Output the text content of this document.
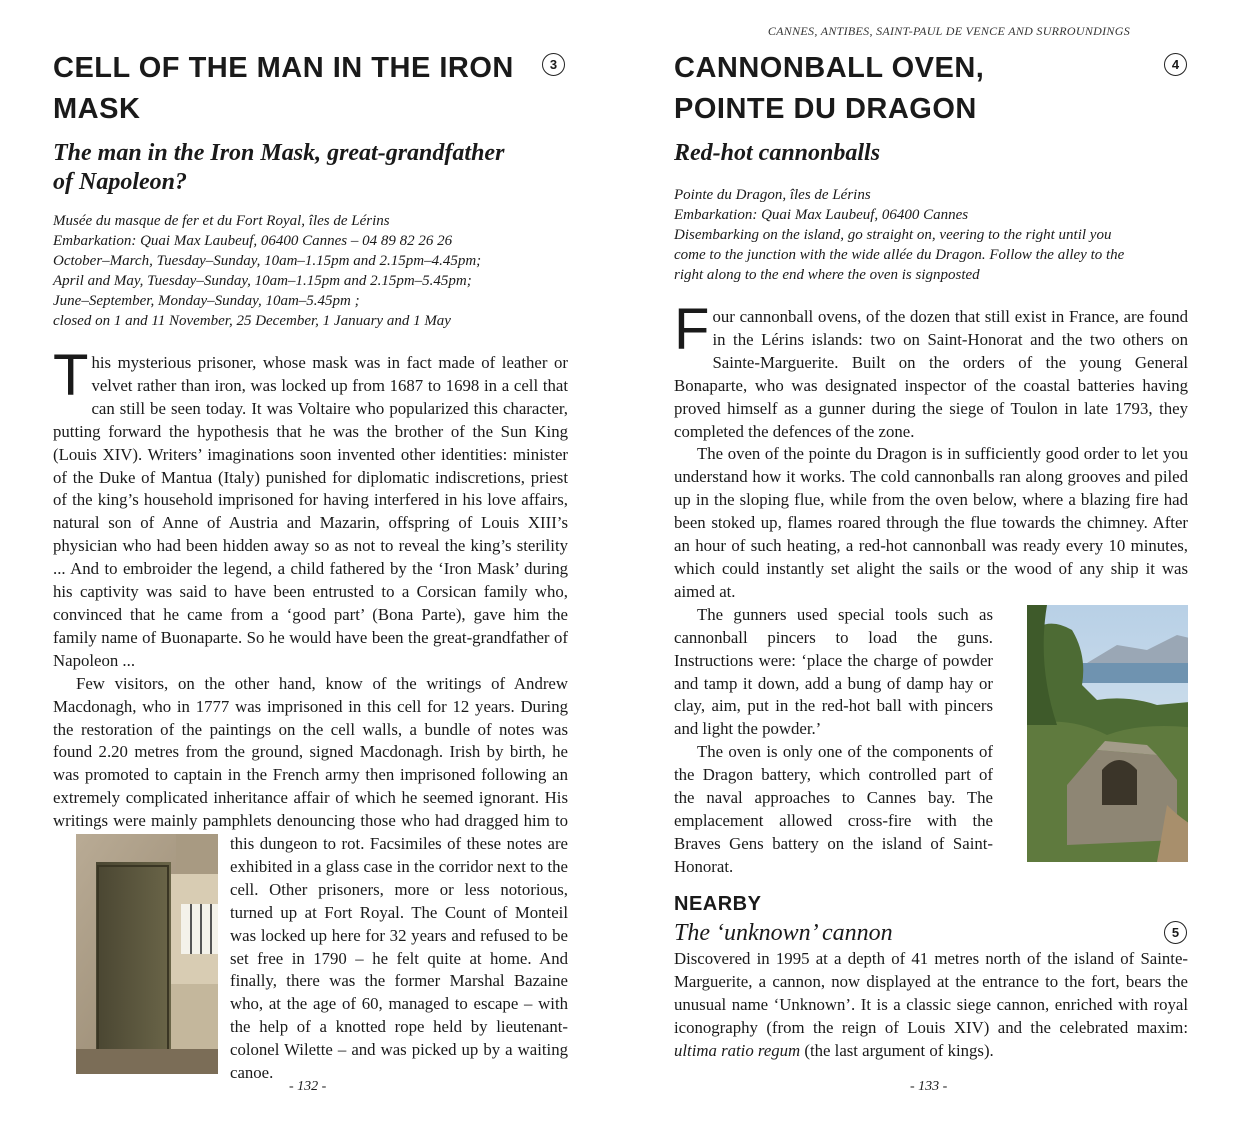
CELL OF THE MAN IN THE IRON MASK
3
The man in the Iron Mask, great-grandfather of Napoleon?
Musée du masque de fer et du Fort Royal, îles de Lérins
Embarkation: Quai Max Laubeuf, 06400 Cannes – 04 89 82 26 26
October–March, Tuesday–Sunday, 10am–1.15pm and 2.15pm–4.45pm;
April and May, Tuesday–Sunday, 10am–1.15pm and 2.15pm–5.45pm;
June–September, Monday–Sunday, 10am–5.45pm ;
closed on 1 and 11 November, 25 December, 1 January and 1 May

This mysterious prisoner, whose mask was in fact made of leather or velvet rather than iron, was locked up from 1687 to 1698 in a cell that can still be seen today. It was Voltaire who popularized this character, putting forward the hypothesis that he was the brother of the Sun King (Louis XIV). Writers’ imaginations soon invented other identities: minister of the Duke of Mantua (Italy) punished for diplomatic indiscretions, priest of the king’s household imprisoned for having interfered in his love affairs, natural son of Anne of Austria and Mazarin, offspring of Louis XIII’s physician who had been hidden away so as not to reveal the king’s sterility ... And to embroider the legend, a child fathered by the ‘Iron Mask’ during his captivity was said to have been entrusted to a Corsican family who, convinced that he came from a ‘good part’ (Bona Parte), gave him the family name of Buonaparte. So he would have been the great-grandfather of Napoleon ...

Few visitors, on the other hand, know of the writings of Andrew Macdonagh, who in 1777 was imprisoned in this cell for 12 years. During the restoration of the paintings on the cell walls, a bundle of notes was found 2.20 metres from the ground, signed Macdonagh. Irish by birth, he was promoted to captain in the French army then imprisoned following an extremely complicated inheritance affair of which he seemed ignorant. His writings were mainly pamphlets denouncing those who had dragged him to this dungeon to rot. Facsimiles of these notes are exhibited in a glass case in the corridor next to the cell. Other prisoners, more or less notorious, turned up at Fort Royal. The Count of Monteil was locked up here for 32 years and refused to be set free in 1790 – he felt quite at home. And finally, there was the former Marshal Bazaine who, at the age of 60, managed to escape – with the help of a knotted rope held by lieutenant-colonel Wilette – and was picked up by a waiting canoe.

- 132 -
CANNES, ANTIBES, SAINT-PAUL DE VENCE AND SURROUNDINGS
CANNONBALL OVEN, POINTE DU DRAGON
4
Red-hot cannonballs
Pointe du Dragon, îles de Lérins
Embarkation: Quai Max Laubeuf, 06400 Cannes
Disembarking on the island, go straight on, veering to the right until you
come to the junction with the wide allée du Dragon. Follow the alley to the
right along to the end where the oven is signposted

Four cannonball ovens, of the dozen that still exist in France, are found in the Lérins islands: two on Saint-Honorat and the two others on Sainte-Marguerite. Built on the orders of the young General Bonaparte, who was designated inspector of the coastal batteries having proved himself as a gunner during the siege of Toulon in late 1793, they completed the defences of the zone.

The oven of the pointe du Dragon is in sufficiently good order to let you understand how it works. The cold cannonballs ran along grooves and piled up in the sloping flue, while from the oven below, where a blazing fire had been stoked up, flames roared through the flue towards the chimney. After an hour of such heating, a red-hot cannonball was ready every 10 minutes, which could instantly set alight the sails or the wood of any ship it was aimed at.

The gunners used special tools such as cannonball pincers to load the guns. Instructions were: ‘place the charge of powder and tamp it down, add a bung of damp hay or clay, aim, put in the red-hot ball with pincers and light the powder.’

The oven is only one of the components of the Dragon battery, which controlled part of the naval approaches to Cannes bay. The emplacement allowed cross-fire with the Braves Gens battery on the island of Saint-Honorat.

NEARBY
The ‘unknown’ cannon	5

Discovered in 1995 at a depth of 41 metres north of the island of Sainte-Marguerite, a cannon, now displayed at the entrance to the fort, bears the unusual name ‘Unknown’. It is a classic siege cannon, enriched with royal iconography (from the reign of Louis XIV) and the celebrated maxim: ultima ratio regum (the last argument of kings).

- 133 -
